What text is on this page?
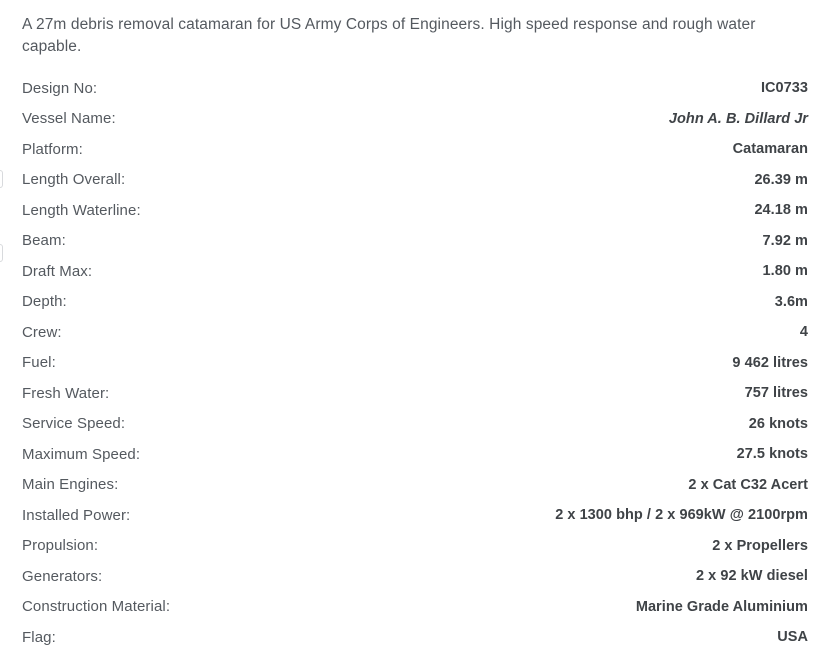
A 27m debris removal catamaran for US Army Corps of Engineers. High speed response and rough water capable.

Design No:	IC0733
Vessel Name:	John A. B. Dillard Jr
Platform:	Catamaran
Length Overall:	26.39 m
Length Waterline:	24.18 m
Beam:	7.92 m
Draft Max:	1.80 m
Depth:	3.6m
Crew:	4
Fuel:	9 462 litres
Fresh Water:	757 litres
Service Speed:	26 knots
Maximum Speed:	27.5 knots
Main Engines:	2 x Cat C32 Acert
Installed Power:	2 x 1300 bhp / 2 x 969kW @ 2100rpm
Propulsion:	2 x Propellers
Generators:	2 x 92 kW diesel
Construction Material:	Marine Grade Aluminium
Flag:	USA
